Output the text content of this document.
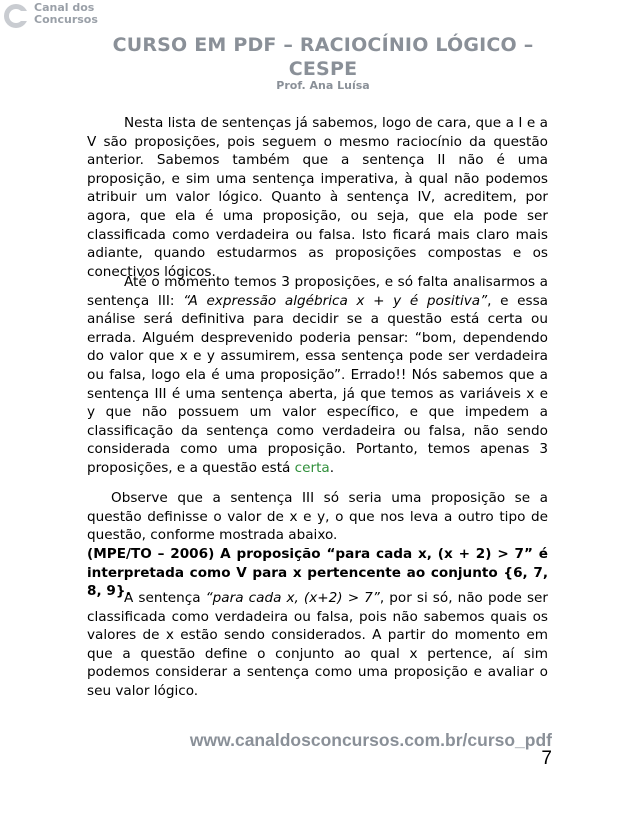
Canal dos
Concursos
CURSO EM PDF – RACIOCÍNIO LÓGICO – CESPE
Prof. Ana Luísa

Nesta lista de sentenças já sabemos, logo de cara, que a I e a V são proposições, pois seguem o mesmo raciocínio da questão anterior. Sabemos também que a sentença II não é uma proposição, e sim uma sentença imperativa, à qual não podemos atribuir um valor lógico. Quanto à sentença IV, acreditem, por agora, que ela é uma proposição, ou seja, que ela pode ser classificada como verdadeira ou falsa. Isto ficará mais claro mais adiante, quando estudarmos as proposições compostas e os conectivos lógicos.

Até o momento temos 3 proposições, e só falta analisarmos a sentença III: “A expressão algébrica x + y é positiva”, e essa análise será definitiva para decidir se a questão está certa ou errada. Alguém desprevenido poderia pensar: “bom, dependendo do valor que x e y assumirem, essa sentença pode ser verdadeira ou falsa, logo ela é uma proposição”. Errado!! Nós sabemos que a sentença III é uma sentença aberta, já que temos as variáveis x e y que não possuem um valor específico, e que impedem a classificação da sentença como verdadeira ou falsa, não sendo considerada como uma proposição. Portanto, temos apenas 3 proposições, e a questão está certa.

Observe que a sentença III só seria uma proposição se a questão definisse o valor de x e y, o que nos leva a outro tipo de questão, conforme mostrada abaixo.

(MPE/TO – 2006) A proposição “para cada x, (x + 2) > 7” é interpretada como V para x pertencente ao conjunto {6, 7, 8, 9}.

A sentença “para cada x, (x+2) > 7”, por si só, não pode ser classificada como verdadeira ou falsa, pois não sabemos quais os valores de x estão sendo considerados. A partir do momento em que a questão define o conjunto ao qual x pertence, aí sim podemos considerar a sentença como uma proposição e avaliar o seu valor lógico.

www.canaldosconcursos.com.br/curso_pdf
7
